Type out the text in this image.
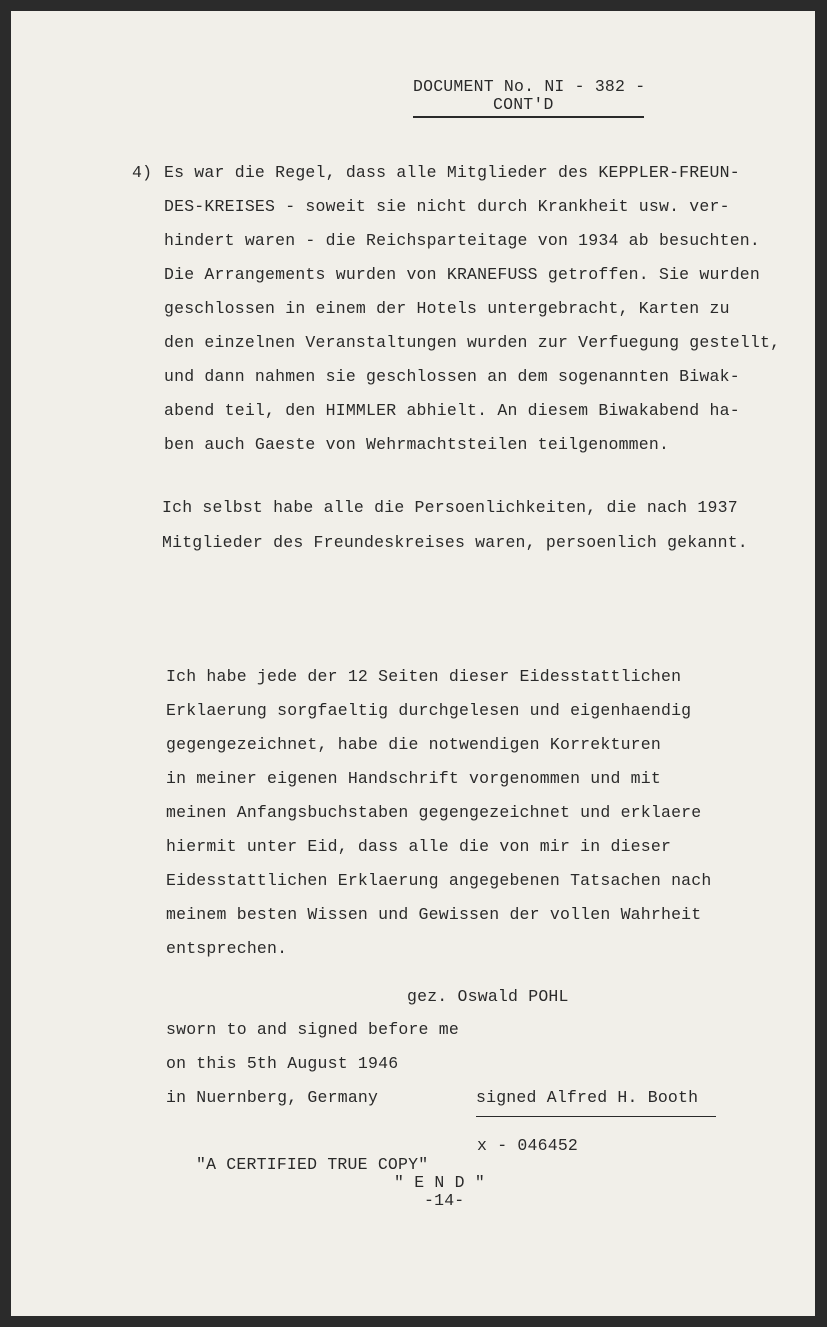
DOCUMENT No. NI - 382 -
CONT'D
4) Es war die Regel, dass alle Mitglieder des KEPPLER-FREUN-
DES-KREISES - soweit sie nicht durch Krankheit usw. ver-
hindert waren - die Reichsparteitage von 1934 ab besuchten.
Die Arrangements wurden von KRANEFUSS getroffen. Sie wurden
geschlossen in einem der Hotels untergebracht, Karten zu
den einzelnen Veranstaltungen wurden zur Verfuegung gestellt,
und dann nahmen sie geschlossen an dem sogenannten Biwak-
abend teil, den HIMMLER abhielt. An diesem Biwakabend ha-
ben auch Gaeste von Wehrmachtsteilen teilgenommen.
Ich selbst habe alle die Persoenlichkeiten, die nach 1937
Mitglieder des Freundeskreises waren, persoenlich gekannt.
Ich habe jede der 12 Seiten dieser Eidesstattlichen
Erklaerung sorgfaeltig durchgelesen und eigenhaendig
gegengezeichnet, habe die notwendigen Korrekturen
in meiner eigenen Handschrift vorgenommen und mit
meinen Anfangsbuchstaben gegengezeichnet und erklaere
hiermit unter Eid, dass alle die von mir in dieser
Eidesstattlichen Erklaerung angegebenen Tatsachen nach
meinem besten Wissen und Gewissen der vollen Wahrheit
entsprechen.
gez. Oswald POHL
sworn to and signed before me
on this 5th August 1946
in Nuernberg, Germany	signed Alfred H. Booth
x - 046452
"A CERTIFIED TRUE COPY"
" E N D "
-14-
